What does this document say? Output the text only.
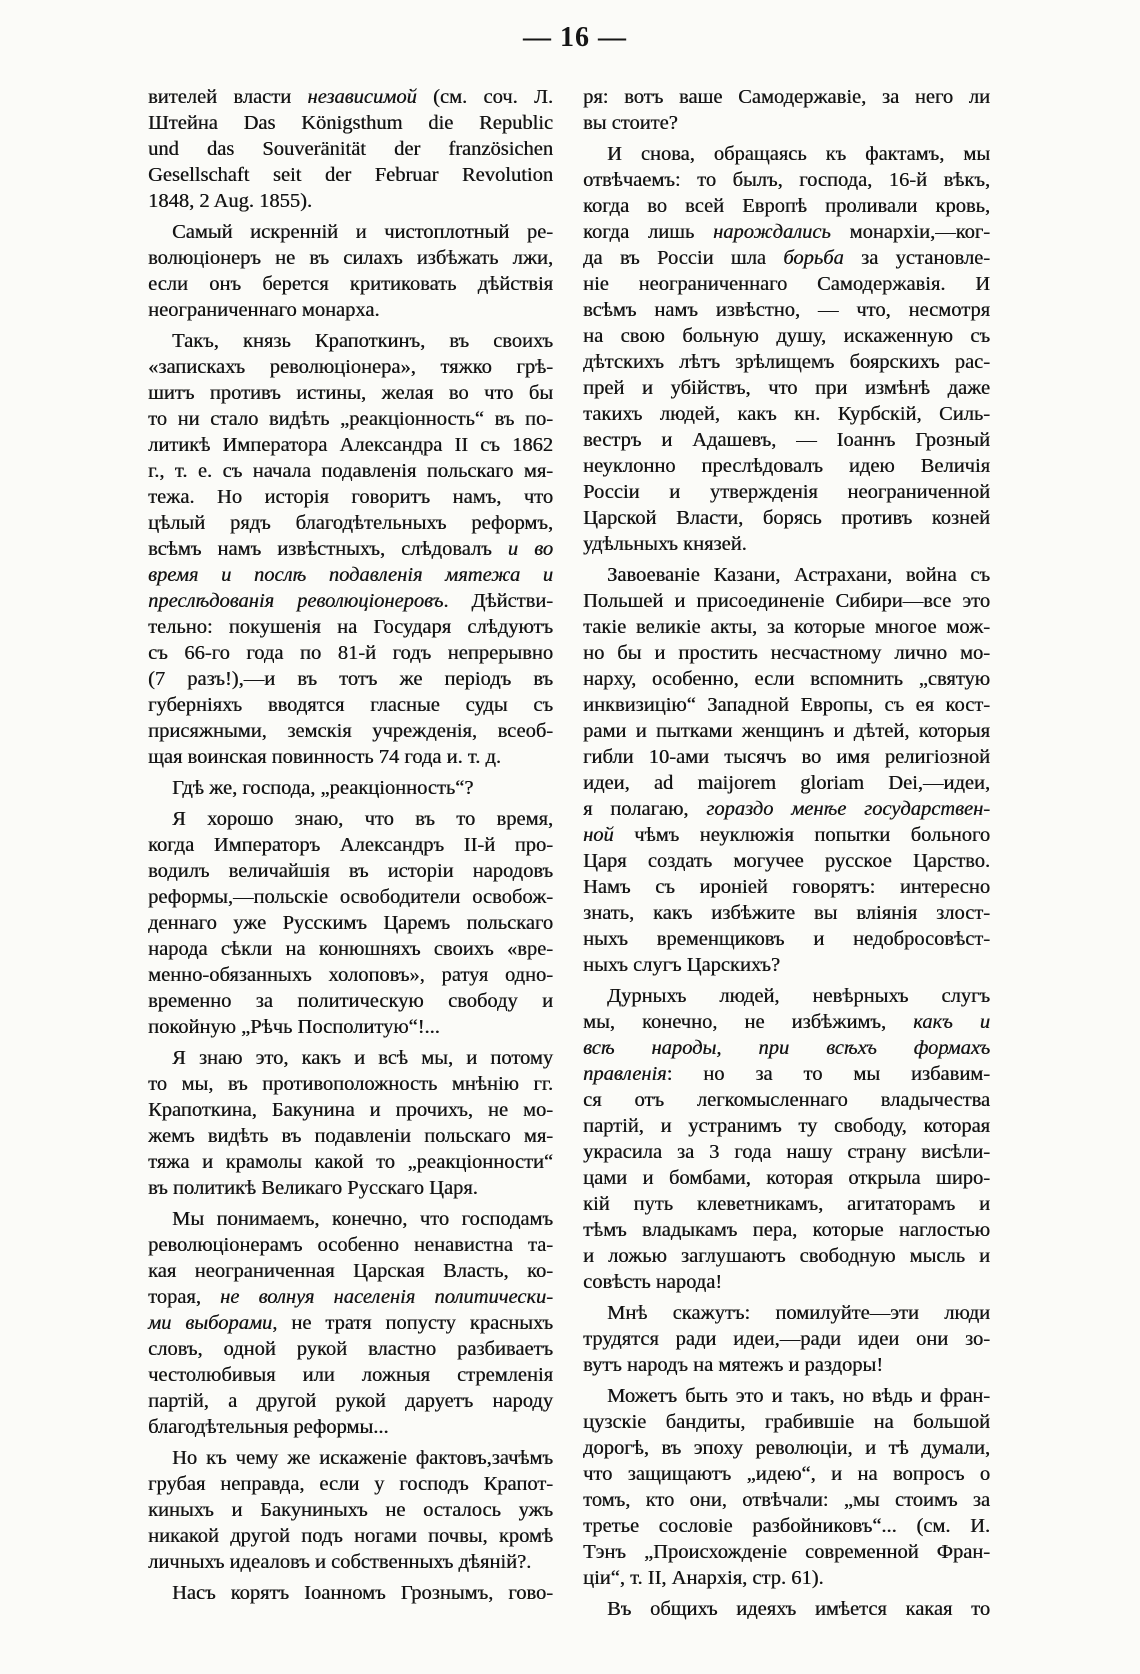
— 16 —
вителей власти независимой (см. соч. Л.
Штейна Das Königsthum die Republic
und das Souveränität der französichen
Gesellschaft seit der Februar Revolution
1848, 2 Aug. 1855).
Самый искренній и чистоплотный ре-
волюціонеръ не въ силахъ избѣжать лжи,
если онъ берется критиковать дѣйствія
неограниченнаго монарха.
Такъ, князь Крапоткинъ, въ своихъ
«запискахъ революціонера», тяжко грѣ-
шитъ противъ истины, желая во что бы
то ни стало видѣть „реакціонность“ въ по-
литикѣ Императора Александра II съ 1862
г., т. е. съ начала подавленія польскаго мя-
тежа. Но исторія говоритъ намъ, что
цѣлый рядъ благодѣтельныхъ реформъ,
всѣмъ намъ извѣстныхъ, слѣдовалъ и во
время и послѣ подавленія мятежа и
преслѣдованія революціонеровъ. Дѣйстви-
тельно: покушенія на Государя слѣдуютъ
съ 66-го года по 81-й годъ непрерывно
(7 разъ!),—и въ тотъ же періодъ въ
губерніяхъ вводятся гласные суды съ
присяжными, земскія учрежденія, всеоб-
щая воинская повинность 74 года и. т. д.
Гдѣ же, господа, „реакціонность“?
Я хорошо знаю, что въ то время,
когда Императоръ Александръ II-й про-
водилъ величайшія въ исторіи народовъ
реформы,—польскіе освободители освобож-
деннаго уже Русскимъ Царемъ польскаго
народа сѣкли на конюшняхъ своихъ «вре-
менно-обязанныхъ холоповъ», ратуя одно-
временно за политическую свободу и
покойную „Рѣчь Посполитую“!...
Я знаю это, какъ и всѣ мы, и потому
то мы, въ противоположность мнѣнію гг.
Крапоткина, Бакунина и прочихъ, не мо-
жемъ видѣть въ подавленіи польскаго мя-
тяжа и крамолы какой то „реакціонности“
въ политикѣ Великаго Русскаго Царя.
Мы понимаемъ, конечно, что господамъ
революціонерамъ особенно ненавистна та-
кая неограниченная Царская Власть, ко-
торая, не волнуя населенія политически-
ми выборами, не тратя попусту красныхъ
словъ, одной рукой властно разбиваетъ
честолюбивыя или ложныя стремленія
партій, а другой рукой даруетъ народу
благодѣтельныя реформы...
Но къ чему же искаженіе фактовъ,зачѣмъ
грубая неправда, если у господъ Крапот-
киныхъ и Бакуниныхъ не осталось ужъ
никакой другой подъ ногами почвы, кромѣ
личныхъ идеаловъ и собственныхъ дѣяній?.
Насъ корятъ Іоанномъ Грознымъ, гово-
ря: вотъ ваше Самодержавіе, за него ли
вы стоите?
И снова, обращаясь къ фактамъ, мы
отвѣчаемъ: то былъ, господа, 16-й вѣкъ,
когда во всей Европѣ проливали кровь,
когда лишь нарождались монархіи,—ког-
да въ Россіи шла борьба за установле-
ніе неограниченнаго Самодержавія. И
всѣмъ намъ извѣстно, — что, несмотря
на свою больную душу, искаженную съ
дѣтскихъ лѣтъ зрѣлищемъ боярскихъ рас-
прей и убійствъ, что при измѣнѣ даже
такихъ людей, какъ кн. Курбскій, Силь-
вестръ и Адашевъ, — Іоаннъ Грозный
неуклонно преслѣдовалъ идею Величія
Россіи и утвержденія неограниченной
Царской Власти, борясь противъ козней
удѣльныхъ князей.
Завоеваніе Казани, Астрахани, война съ
Польшей и присоединеніе Сибири—все это
такіе великіе акты, за которые многое мож-
но бы и простить несчастному лично мо-
нарху, особенно, если вспомнить „святую
инквизицію“ Западной Европы, съ ея кост-
рами и пытками женщинъ и дѣтей, которыя
гибли 10-ами тысячъ во имя религіозной
идеи, ad maijorem gloriam Dei,—идеи,
я полагаю, гораздо менѣе государствен-
ной чѣмъ неуклюжія попытки больного
Царя создать могучее русское Царство.
Намъ съ ироніей говорятъ: интересно
знать, какъ избѣжите вы вліянія злост-
ныхъ временщиковъ и недобросовѣст-
ныхъ слугъ Царскихъ?
Дурныхъ людей, невѣрныхъ слугъ
мы, конечно, не избѣжимъ, какъ и
всѣ народы, при всѣхъ формахъ
правленія: но за то мы избавим-
ся отъ легкомысленнаго владычества
партій, и устранимъ ту свободу, которая
украсила за 3 года нашу страну висѣли-
цами и бомбами, которая открыла широ-
кій путь клеветникамъ, агитаторамъ и
тѣмъ владыкамъ пера, которые наглостью
и ложью заглушаютъ свободную мысль и
совѣсть народа!
Мнѣ скажутъ: помилуйте—эти люди
трудятся ради идеи,—ради идеи они зо-
вутъ народъ на мятежъ и раздоры!
Можетъ быть это и такъ, но вѣдь и фран-
цузскіе бандиты, грабившіе на большой
дорогѣ, въ эпоху революціи, и тѣ думали,
что защищаютъ „идею“, и на вопросъ о
томъ, кто они, отвѣчали: „мы стоимъ за
третье сословіе разбойниковъ“... (см. И.
Тэнъ „Происхожденіе современной Фран-
ціи“, т. II, Анархія, стр. 61).
Въ общихъ идеяхъ имѣется какая то
